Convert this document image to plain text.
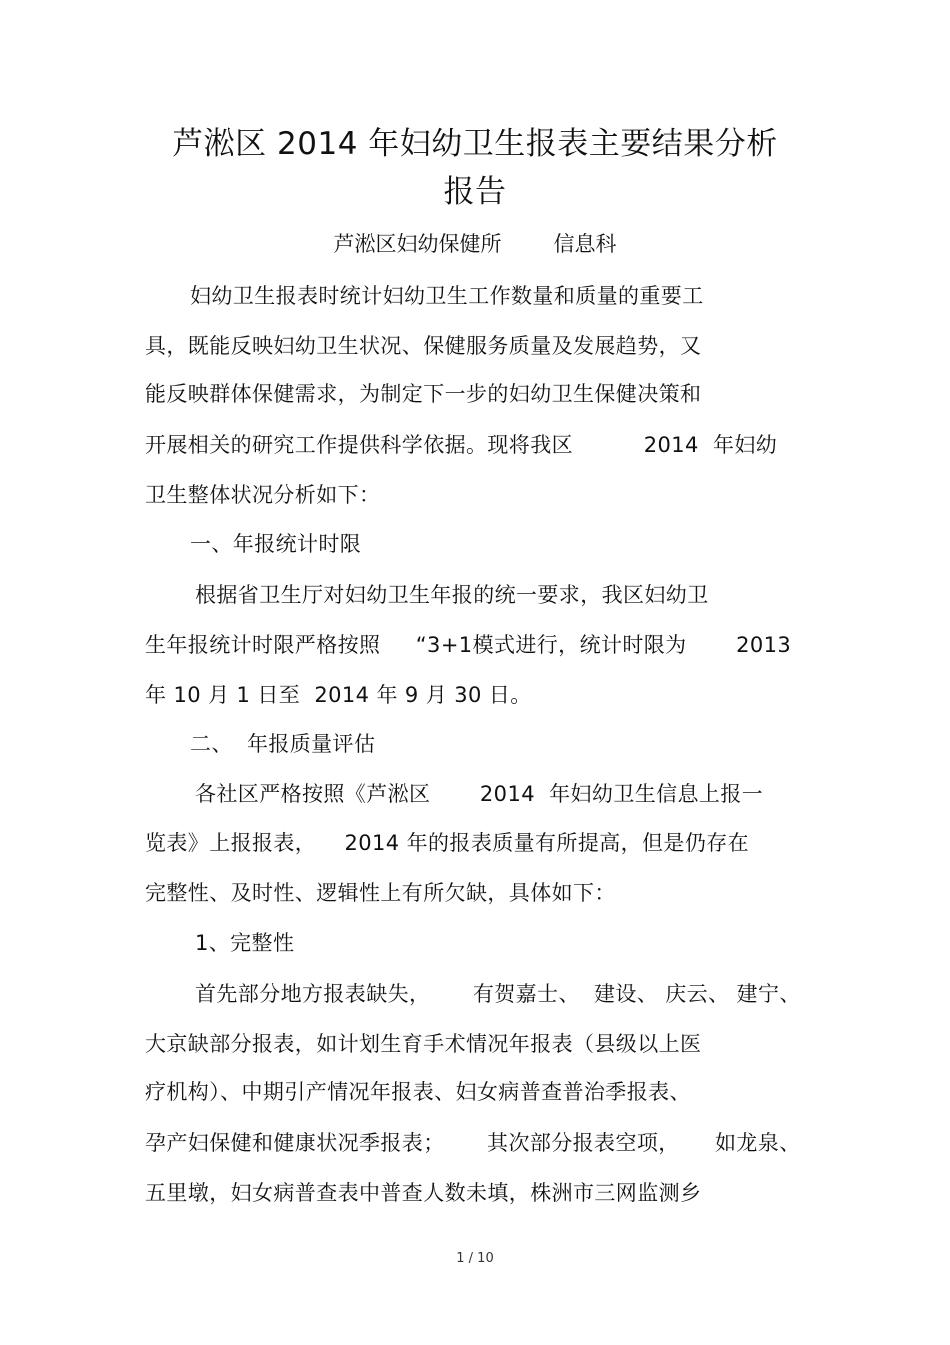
芦淞区 2014 年妇幼卫生报表主要结果分析
报告
芦淞区妇幼保健所 信息科
妇幼卫生报表时统计妇幼卫生工作数量和质量的重要工
具，既能反映妇幼卫生状况、保健服务质量及发展趋势，又
能反映群体保健需求，为制定下一步的妇幼卫生保健决策和
开展相关的研究工作提供科学依据。现将我区          2014  年妇幼
卫生整体状况分析如下：
一、年报统计时限
根据省卫生厅对妇幼卫生年报的统一要求，我区妇幼卫
生年报统计时限严格按照     “3+1模式进行，统计时限为       2013
年 10 月 1 日至  2014 年 9 月 30 日。
二、  年报质量评估
各社区严格按照《芦淞区       2014  年妇幼卫生信息上报一
览表》上报报表，    2014 年的报表质量有所提高，但是仍存在
完整性、及时性、逻辑性上有所欠缺，具体如下：
1、完整性
首先部分地方报表缺失，      有贺嘉士、  建设、 庆云、 建宁、
大京缺部分报表，如计划生育手术情况年报表（县级以上医
疗机构）、中期引产情况年报表、妇女病普查普治季报表、
孕产妇保健和健康状况季报表；      其次部分报表空项，     如龙泉、
五里墩，妇女病普查表中普查人数未填，株洲市三网监测乡
1 / 10
